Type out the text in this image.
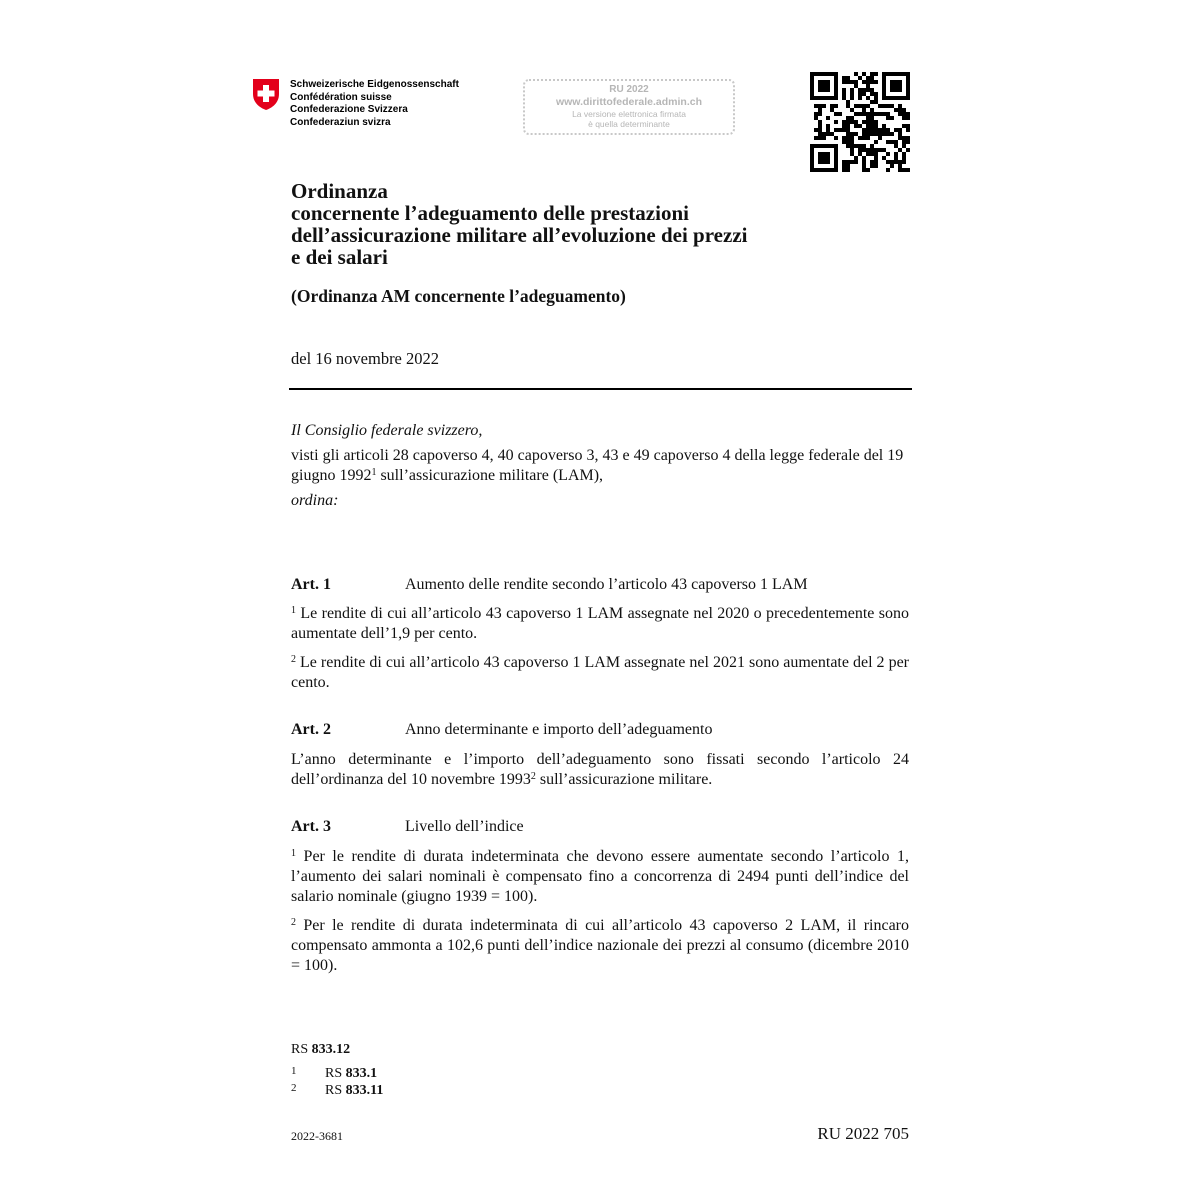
Schweizerische Eidgenossenschaft
Confédération suisse
Confederazione Svizzera
Confederaziun svizra
RU 2022
www.dirittofederale.admin.ch
La versione elettronica firmata
è quella determinante
Ordinanza
concernente l’adeguamento delle prestazioni
dell’assicurazione militare all’evoluzione dei prezzi
e dei salari
(Ordinanza AM concernente l’adeguamento)
del 16 novembre 2022
Il Consiglio federale svizzero,
visti gli articoli 28 capoverso 4, 40 capoverso 3, 43 e 49 capoverso 4 della legge federale del 19 giugno 1992$^1$ sull’assicurazione militare (LAM),
ordina:
Art. 1	Aumento delle rendite secondo l’articolo 43 capoverso 1 LAM
$^1$ Le rendite di cui all’articolo 43 capoverso 1 LAM assegnate nel 2020 o precedentemente sono aumentate dell’1,9 per cento.
$^2$ Le rendite di cui all’articolo 43 capoverso 1 LAM assegnate nel 2021 sono aumentate del 2 per cento.
Art. 2	Anno determinante e importo dell’adeguamento
L’anno determinante e l’importo dell’adeguamento sono fissati secondo l’articolo 24 dell’ordinanza del 10 novembre 1993$^2$ sull’assicurazione militare.
Art. 3	Livello dell’indice
$^1$ Per le rendite di durata indeterminata che devono essere aumentate secondo l’articolo 1, l’aumento dei salari nominali è compensato fino a concorrenza di 2494 punti dell’indice del salario nominale (giugno 1939 = 100).
$^2$ Per le rendite di durata indeterminata di cui all’articolo 43 capoverso 2 LAM, il rincaro compensato ammonta a 102,6 punti dell’indice nazionale dei prezzi al consumo (dicembre 2010 = 100).
RS 833.12
1 RS 833.1
2 RS 833.11
2022-3681	RU 2022 705
